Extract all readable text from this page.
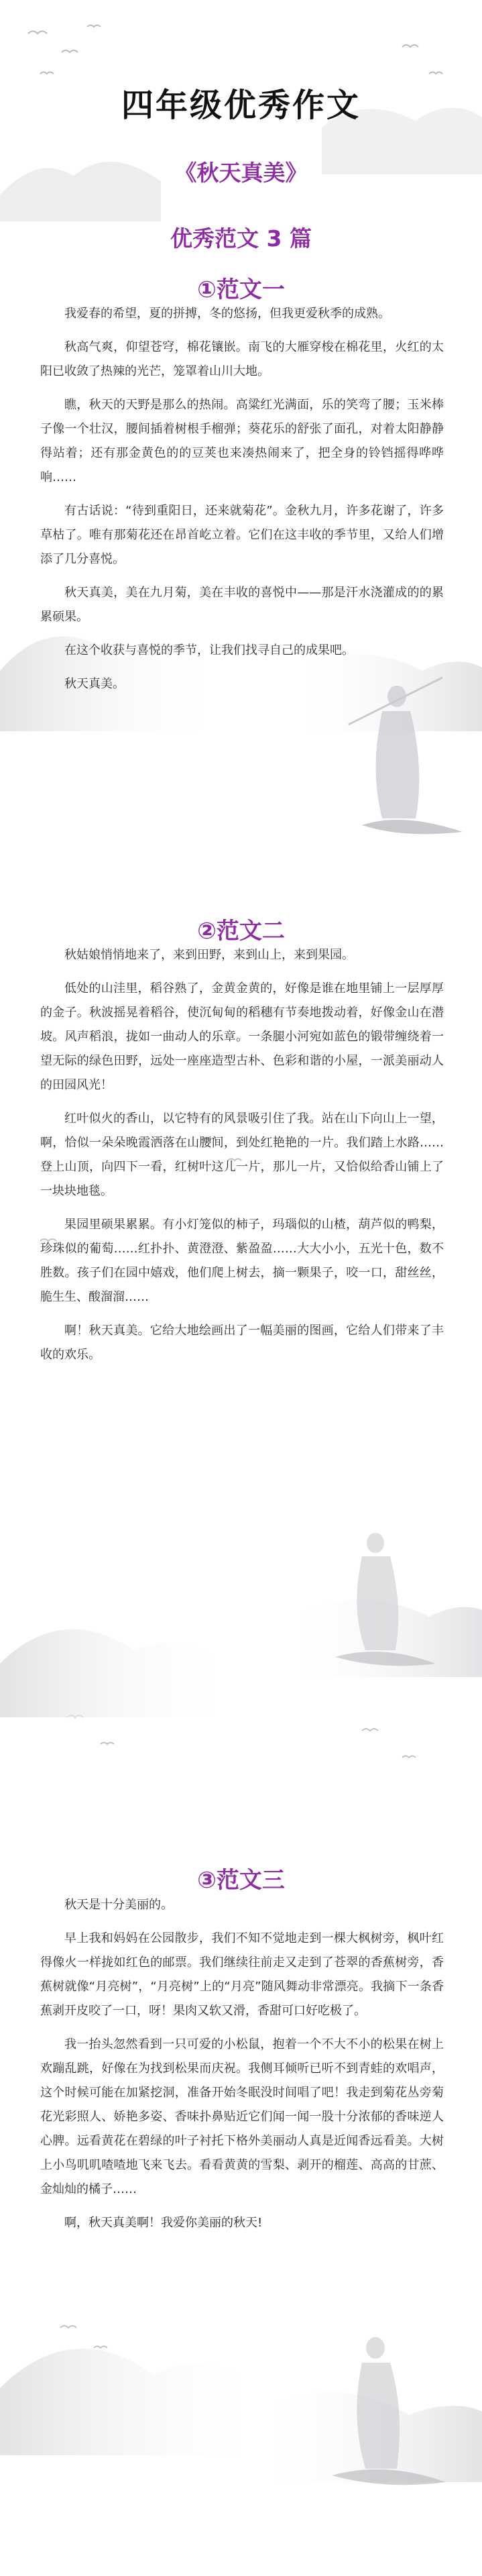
四年级优秀作文
《秋天真美》
优秀范文 3 篇
①范文一

我爱春的希望，夏的拼搏，冬的悠扬，但我更爱秋季的成熟。

秋高气爽，仰望苍穹，棉花镶嵌。南飞的大雁穿梭在棉花里，火红的太阳已收敛了热辣的光芒，笼罩着山川大地。

瞧，秋天的天野是那么的热闹。高粱红光满面，乐的笑弯了腰；玉米棒子像一个壮汉，腰间插着树根手榴弹；葵花乐的舒张了面孔，对着太阳静静得站着；还有那金黄色的的豆荚也来凑热闹来了，把全身的铃铛摇得哗哗响……

有古话说：“待到重阳日，还来就菊花”。金秋九月，许多花谢了，许多草枯了。唯有那菊花还在昂首屹立着。它们在这丰收的季节里，又给人们增添了几分喜悦。

秋天真美，美在九月菊，美在丰收的喜悦中——那是汗水浇灌成的的累累硕果。

在这个收获与喜悦的季节，让我们找寻自己的成果吧。

秋天真美。

②范文二

秋姑娘悄悄地来了，来到田野，来到山上，来到果园。

低处的山洼里，稻谷熟了，金黄金黄的，好像是谁在地里铺上一层厚厚的金子。秋波摇晃着稻谷，使沉甸甸的稻穗有节奏地拨动着，好像金山在潜坡。风声稻浪，拢如一曲动人的乐章。一条腿小河宛如蓝色的锻带缠绕着一望无际的绿色田野，远处一座座造型古朴、色彩和谐的小屋，一派美丽动人的田园风光！

红叶似火的香山，以它特有的风景吸引住了我。站在山下向山上一望，啊，恰似一朵朵晚霞洒落在山腰间，到处红艳艳的一片。我们踏上水路……登上山顶，向四下一看，红树叶这儿一片，那儿一片，又恰似给香山铺上了一块块地毯。

果园里硕果累累。有小灯笼似的柿子，玛瑙似的山楂，葫芦似的鸭梨，珍珠似的葡萄……红扑扑、黄澄澄、紫盈盈……大大小小，五光十色，数不胜数。孩子们在园中嬉戏，他们爬上树去，摘一颗果子，咬一口，甜丝丝，脆生生、酸溜溜……

啊！秋天真美。它给大地绘画出了一幅美丽的图画，它给人们带来了丰收的欢乐。

③范文三

秋天是十分美丽的。

早上我和妈妈在公园散步，我们不知不觉地走到一棵大枫树旁，枫叶红得像火一样拢如红色的邮票。我们继续往前走又走到了苍翠的香蕉树旁，香蕉树就像“月亮树”，“月亮树”上的“月亮”随风舞动非常漂亮。我摘下一条香蕉剥开皮咬了一口，呀！果肉又软又滑，香甜可口好吃极了。

我一抬头忽然看到一只可爱的小松鼠，抱着一个不大不小的松果在树上欢蹦乱跳，好像在为找到松果而庆祝。我侧耳倾听已听不到青蛙的欢唱声，这个时候可能在加紧挖洞，准备开始冬眠没时间唱了吧！我走到菊花丛旁菊花光彩照人、娇艳多姿、香味扑鼻贴近它们闻一闻一股十分浓郁的香味逆人心脾。远看黄花在碧绿的叶子衬托下格外美丽动人真是近闻香远看美。大树上小鸟叽叽喳喳地飞来飞去。看看黄黄的雪梨、剥开的榴莲、高高的甘蔗、金灿灿的橘子……

啊，秋天真美啊！我爱你美丽的秋天!
